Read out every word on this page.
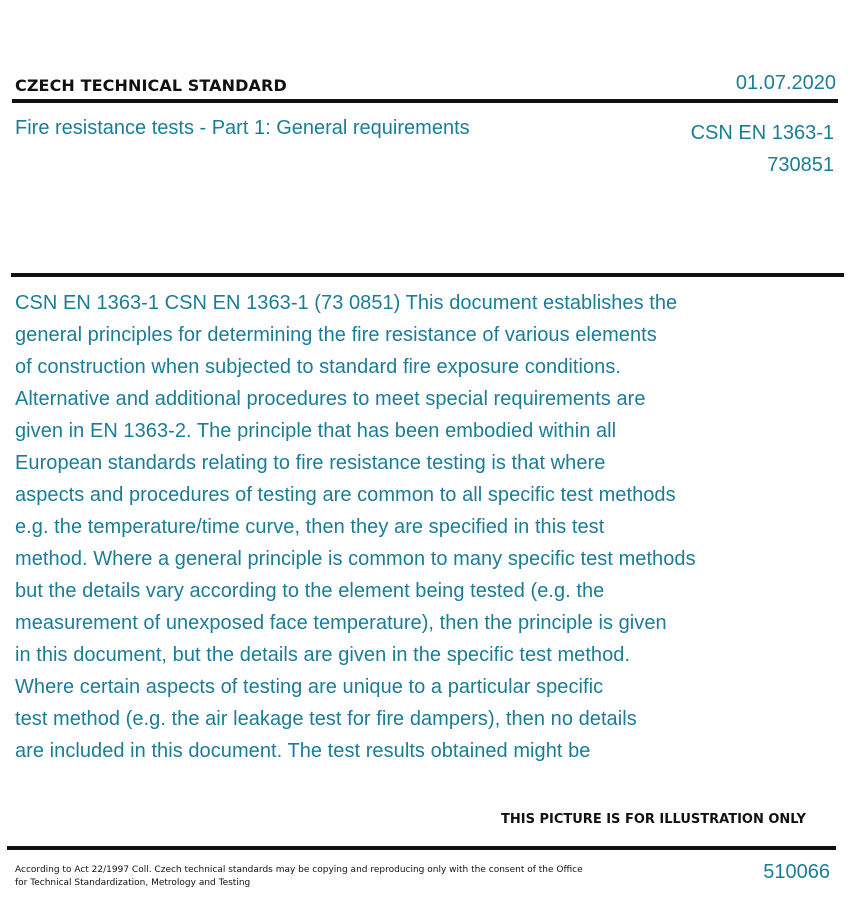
CZECH TECHNICAL STANDARD	01.07.2020
Fire resistance tests - Part 1: General requirements	CSN EN 1363-1
730851
CSN EN 1363-1 CSN EN 1363-1 (73 0851) This document establishes the
general principles for determining the fire resistance of various elements
of construction when subjected to standard fire exposure conditions.
Alternative and additional procedures to meet special requirements are
given in EN 1363-2. The principle that has been embodied within all
European standards relating to fire resistance testing is that where
aspects and procedures of testing are common to all specific test methods
e.g. the temperature/time curve, then they are specified in this test
method. Where a general principle is common to many specific test methods
but the details vary according to the element being tested (e.g. the
measurement of unexposed face temperature), then the principle is given
in this document, but the details are given in the specific test method.
Where certain aspects of testing are unique to a particular specific
test method (e.g. the air leakage test for fire dampers), then no details
are included in this document. The test results obtained might be
THIS PICTURE IS FOR ILLUSTRATION ONLY
According to Act 22/1997 Coll. Czech technical standards may be copying and reproducing only with the consent of the Office
for Technical Standardization, Metrology and Testing	510066
